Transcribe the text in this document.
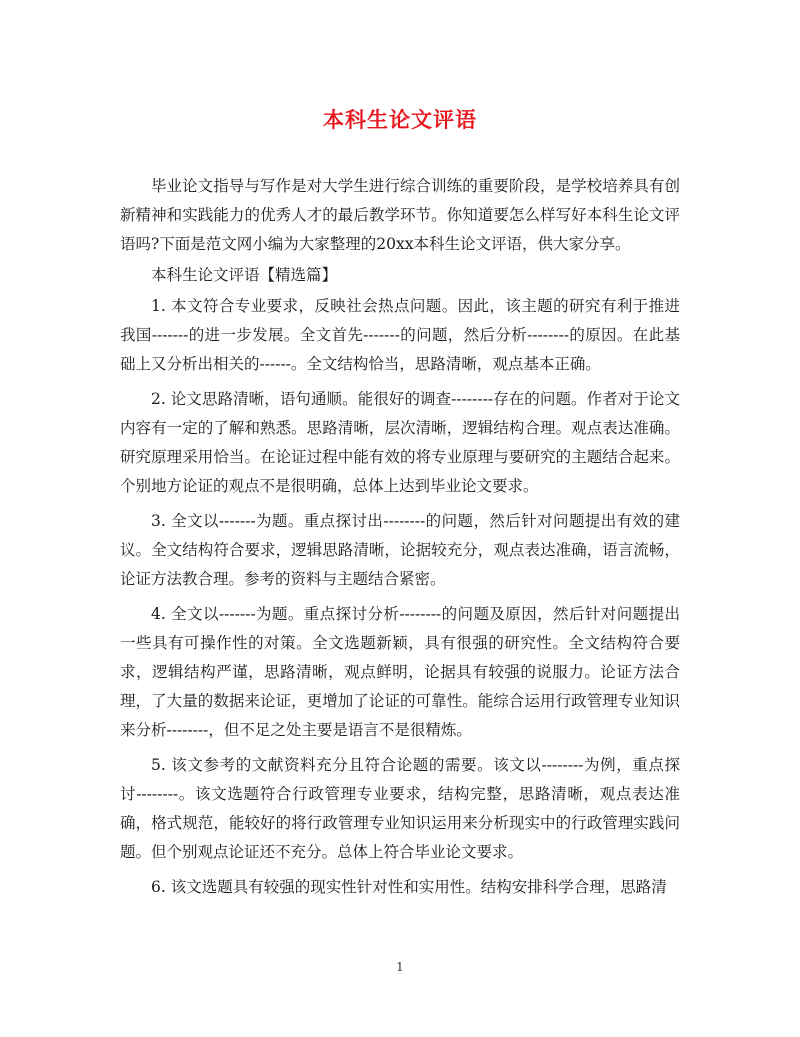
本科生论文评语

毕业论文指导与写作是对大学生进行综合训练的重要阶段，是学校培养具有创新精神和实践能力的优秀人才的最后教学环节。你知道要怎么样写好本科生论文评语吗?下面是范文网小编为大家整理的20xx本科生论文评语，供大家分享。

本科生论文评语【精选篇】

1. 本文符合专业要求，反映社会热点问题。因此，该主题的研究有利于推进我国-------的进一步发展。全文首先-------的问题，然后分析--------的原因。在此基础上又分析出相关的------。全文结构恰当，思路清晰，观点基本正确。

2. 论文思路清晰，语句通顺。能很好的调查--------存在的问题。作者对于论文内容有一定的了解和熟悉。思路清晰，层次清晰，逻辑结构合理。观点表达准确。研究原理采用恰当。在论证过程中能有效的将专业原理与要研究的主题结合起来。个别地方论证的观点不是很明确，总体上达到毕业论文要求。

3. 全文以-------为题。重点探讨出--------的问题，然后针对问题提出有效的建议。全文结构符合要求，逻辑思路清晰，论据较充分，观点表达准确，语言流畅，论证方法教合理。参考的资料与主题结合紧密。

4. 全文以-------为题。重点探讨分析--------的问题及原因，然后针对问题提出一些具有可操作性的对策。全文选题新颖，具有很强的研究性。全文结构符合要求，逻辑结构严谨，思路清晰，观点鲜明，论据具有较强的说服力。论证方法合理，了大量的数据来论证，更增加了论证的可靠性。能综合运用行政管理专业知识来分析--------，但不足之处主要是语言不是很精炼。

5. 该文参考的文献资料充分且符合论题的需要。该文以--------为例，重点探讨--------。该文选题符合行政管理专业要求，结构完整，思路清晰，观点表达准确，格式规范，能较好的将行政管理专业知识运用来分析现实中的行政管理实践问题。但个别观点论证还不充分。总体上符合毕业论文要求。

6. 该文选题具有较强的现实性针对性和实用性。结构安排科学合理，思路清

1
